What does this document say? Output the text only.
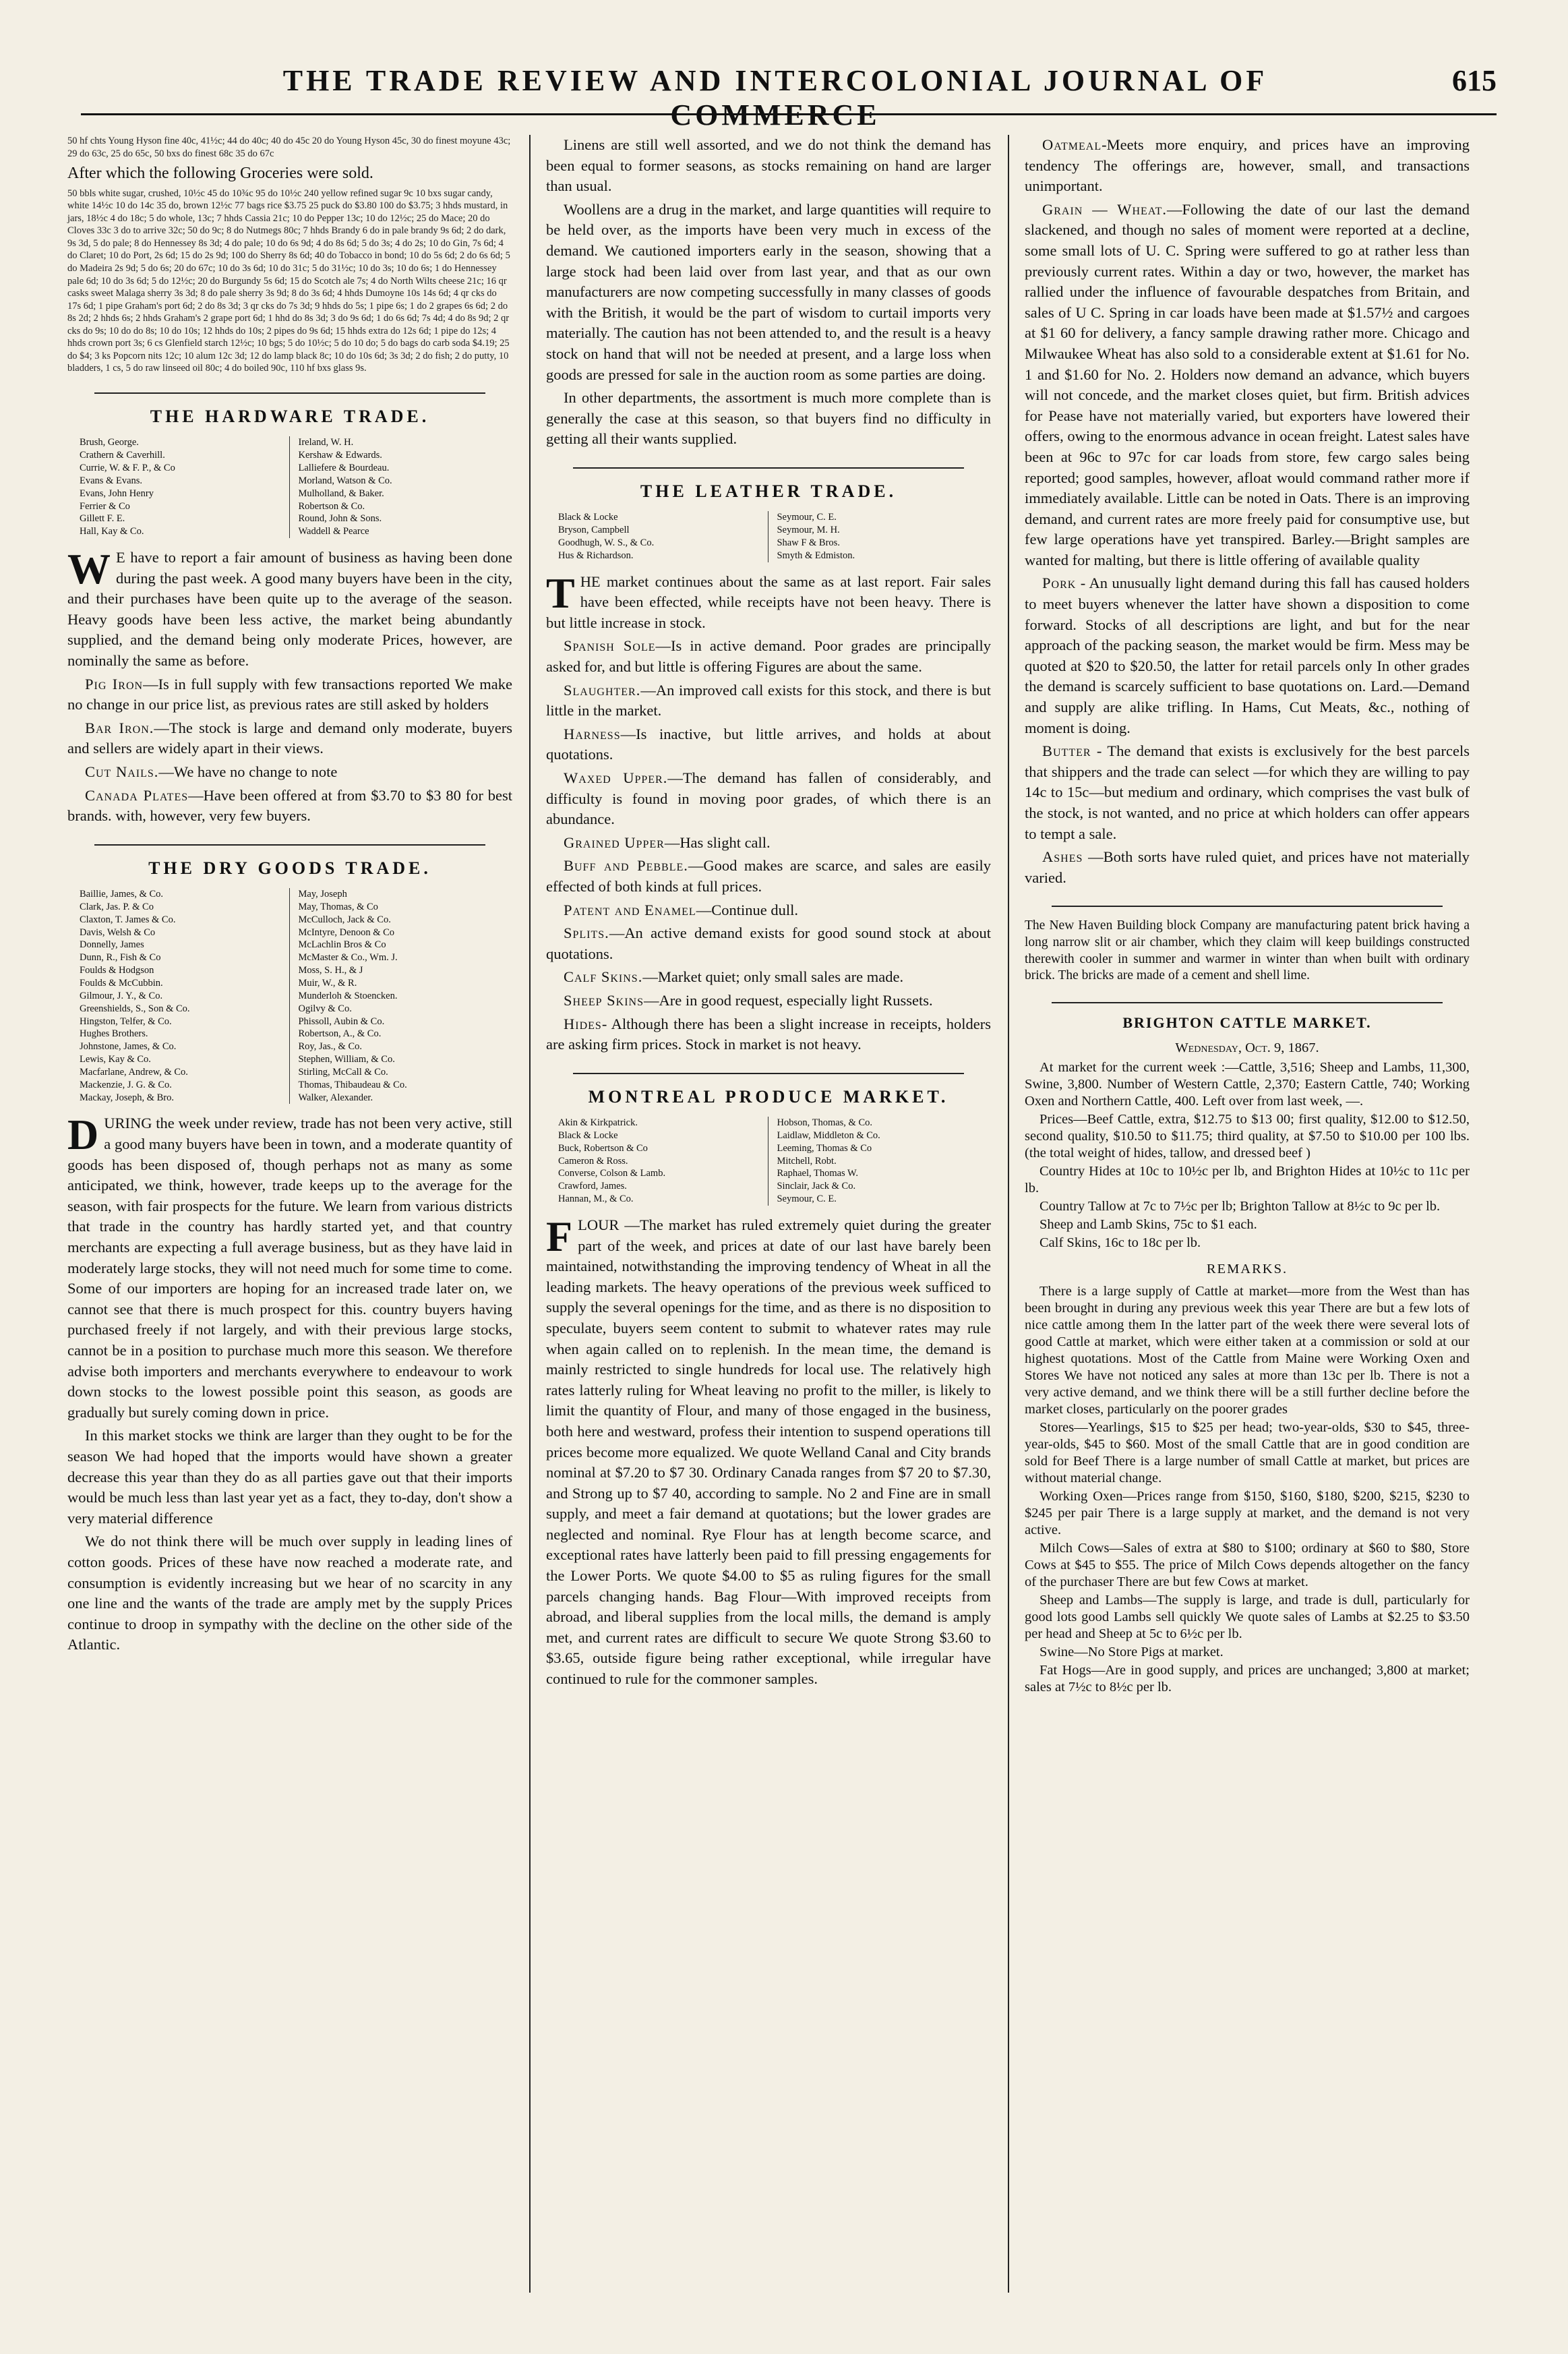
THE TRADE REVIEW AND INTERCOLONIAL JOURNAL OF COMMERCE
615

50 hf chts Young Hyson fine 40c, 41½c; 44 do 40c; 40 do 45c 20 do Young Hyson 45c, 30 do finest moyune 43c; 29 do 63c, 25 do 65c, 50 bxs do finest 68c 35 do 67c

After which the following Groceries were sold.

50 bbls white sugar, crushed, 10½c 45 do 10¾c 95 do 10½c 240 yellow refined sugar 9c 10 bxs sugar candy, white 14½c 10 do 14c 35 do, brown 12½c 77 bags rice $3.75 25 puck do $3.80 100 do $3.75; 3 hhds mustard, in jars, 18½c 4 do 18c; 5 do whole, 13c; 7 hhds Cassia 21c; 10 do Pepper 13c; 10 do 12½c; 25 do Mace; 20 do Cloves 33c 3 do to arrive 32c; 50 do 9c; 8 do Nutmegs 80c; 7 hhds Brandy 6 do in pale brandy 9s 6d; 2 do dark, 9s 3d, 5 do pale; 8 do Hennessey 8s 3d; 4 do pale; 10 do 6s 9d; 4 do 8s 6d; 5 do 3s; 4 do 2s; 10 do Gin, 7s 6d; 4 do Claret; 10 do Port, 2s 6d; 15 do 2s 9d; 100 do Sherry 8s 6d; 40 do Tobacco in bond; 10 do 5s 6d; 2 do 6s 6d; 5 do Madeira 2s 9d; 5 do 6s; 20 do 67c; 10 do 3s 6d; 10 do 31c; 5 do 31½c; 10 do 3s; 10 do 6s; 1 do Hennessey pale 6d; 10 do 3s 6d; 5 do 12½c; 20 do Burgundy 5s 6d; 15 do Scotch ale 7s; 4 do North Wilts cheese 21c; 16 qr casks sweet Malaga sherry 3s 3d; 8 do pale sherry 3s 9d; 8 do 3s 6d; 4 hhds Dumoyne 10s 14s 6d; 4 qr cks do 17s 6d; 1 pipe Graham's port 6d; 2 do 8s 3d; 3 qr cks do 7s 3d; 9 hhds do 5s; 1 pipe 6s; 1 do 2 grapes 6s 6d; 2 do 8s 2d; 2 hhds 6s; 2 hhds Graham's 2 grape port 6d; 1 hhd do 8s 3d; 3 do 9s 6d; 1 do 6s 6d; 7s 4d; 4 do 8s 9d; 2 qr cks do 9s; 10 do do 8s; 10 do 10s; 12 hhds do 10s; 2 pipes do 9s 6d; 15 hhds extra do 12s 6d; 1 pipe do 12s; 4 hhds crown port 3s; 6 cs Glenfield starch 12½c; 10 bgs; 5 do 10½c; 5 do 10 do; 5 do bags do carb soda $4.19; 25 do $4; 3 ks Popcorn nits 12c; 10 alum 12c 3d; 12 do lamp black 8c; 10 do 10s 6d; 3s 3d; 2 do fish; 2 do putty, 10 bladders, 1 cs, 5 do raw linseed oil 80c; 4 do boiled 90c, 110 hf bxs glass 9s.

THE HARDWARE TRADE.
Brush, George.
Crathern & Caverhill.
Currie, W. & F. P., & Co
Evans & Evans.
Evans, John Henry
Ferrier & Co
Gillett F. E.
Hall, Kay & Co.
Ireland, W. H.
Kershaw & Edwards.
Lalliefere & Bourdeau.
Morland, Watson & Co.
Mulholland, & Baker.
Robertson & Co.
Round, John & Sons.
Waddell & Pearce

W E have to report a fair amount of business as having been done during the past week. A good many buyers have been in the city, and their purchases have been quite up to the average of the season. Heavy goods have been less active, the market being abundantly supplied, and the demand being only moderate Prices, however, are nominally the same as before.

Pig Iron—Is in full supply with few transactions reported We make no change in our price list, as previous rates are still asked by holders

Bar Iron.—The stock is large and demand only moderate, buyers and sellers are widely apart in their views.

Cut Nails.—We have no change to note

Canada Plates—Have been offered at from $3.70 to $3 80 for best brands. with, however, very few buyers.

THE DRY GOODS TRADE.
Baillie, James, & Co.
Clark, Jas. P. & Co
Claxton, T. James & Co.
Davis, Welsh & Co
Donnelly, James
Dunn, R., Fish & Co
Foulds & Hodgson
Foulds & McCubbin.
Gilmour, J. Y., & Co.
Greenshields, S., Son & Co.
Hingston, Telfer, & Co.
Hughes Brothers.
Johnstone, James, & Co.
Lewis, Kay & Co.
Macfarlane, Andrew, & Co.
Mackenzie, J. G. & Co.
Mackay, Joseph, & Bro.
May, Joseph
May, Thomas, & Co
McCulloch, Jack & Co.
McIntyre, Denoon & Co
McLachlin Bros & Co
McMaster & Co., Wm. J.
Moss, S. H., & J
Muir, W., & R.
Munderloh & Stoencken.
Ogilvy & Co.
Phissoll, Aubin & Co.
Robertson, A., & Co.
Roy, Jas., & Co.
Stephen, William, & Co.
Stirling, McCall & Co.
Thomas, Thibaudeau & Co.
Walker, Alexander.

DURING the week under review, trade has not been very active, still a good many buyers have been in town, and a moderate quantity of goods has been disposed of, though perhaps not as many as some anticipated, we think, however, trade keeps up to the average for the season, with fair prospects for the future. We learn from various districts that trade in the country has hardly started yet, and that country merchants are expecting a full average business, but as they have laid in moderately large stocks, they will not need much for some time to come. Some of our importers are hoping for an increased trade later on, we cannot see that there is much prospect for this. country buyers having purchased freely if not largely, and with their previous large stocks, cannot be in a position to purchase much more this season. We therefore advise both importers and merchants everywhere to endeavour to work down stocks to the lowest possible point this season, as goods are gradually but surely coming down in price.

In this market stocks we think are larger than they ought to be for the season We had hoped that the imports would have shown a greater decrease this year than they do as all parties gave out that their imports would be much less than last year yet as a fact, they to-day, don't show a very material difference

We do not think there will be much over supply in leading lines of cotton goods. Prices of these have now reached a moderate rate, and consumption is evidently increasing but we hear of no scarcity in any one line and the wants of the trade are amply met by the supply Prices continue to droop in sympathy with the decline on the other side of the Atlantic.

Linens are still well assorted, and we do not think the demand has been equal to former seasons, as stocks remaining on hand are larger than usual.

Woollens are a drug in the market, and large quantities will require to be held over, as the imports have been very much in excess of the demand. We cautioned importers early in the season, showing that a large stock had been laid over from last year, and that as our own manufacturers are now competing successfully in many classes of goods with the British, it would be the part of wisdom to curtail imports very materially. The caution has not been attended to, and the result is a heavy stock on hand that will not be needed at present, and a large loss when goods are pressed for sale in the auction room as some parties are doing.

In other departments, the assortment is much more complete than is generally the case at this season, so that buyers find no difficulty in getting all their wants supplied.

THE LEATHER TRADE.
Black & Locke
Bryson, Campbell
Goodhugh, W. S., & Co.
Hus & Richardson.
Seymour, C. E.
Seymour, M. H.
Shaw F & Bros.
Smyth & Edmiston.

THE market continues about the same as at last report. Fair sales have been effected, while receipts have not been heavy. There is but little increase in stock.

Spanish Sole—Is in active demand. Poor grades are principally asked for, and but little is offering Figures are about the same.

Slaughter.—An improved call exists for this stock, and there is but little in the market.

Harness—Is inactive, but little arrives, and holds at about quotations.

Waxed Upper.—The demand has fallen of considerably, and difficulty is found in moving poor grades, of which there is an abundance.

Grained Upper—Has slight call.

Buff and Pebble.—Good makes are scarce, and sales are easily effected of both kinds at full prices.

Patent and Enamel—Continue dull.

Splits.—An active demand exists for good sound stock at about quotations.

Calf Skins.—Market quiet; only small sales are made.

Sheep Skins—Are in good request, especially light Russets.

Hides- Although there has been a slight increase in receipts, holders are asking firm prices. Stock in market is not heavy.

MONTREAL PRODUCE MARKET.
Akin & Kirkpatrick.
Black & Locke
Buck, Robertson & Co
Cameron & Ross.
Converse, Colson & Lamb.
Crawford, James.
Hannan, M., & Co.
Hobson, Thomas, & Co.
Laidlaw, Middleton & Co.
Leeming, Thomas & Co
Mitchell, Robt.
Raphael, Thomas W.
Sinclair, Jack & Co.
Seymour, C. E.

FLOUR —The market has ruled extremely quiet during the greater part of the week, and prices at date of our last have barely been maintained, notwithstanding the improving tendency of Wheat in all the leading markets. The heavy operations of the previous week sufficed to supply the several openings for the time, and as there is no disposition to speculate, buyers seem content to submit to whatever rates may rule when again called on to replenish. In the mean time, the demand is mainly restricted to single hundreds for local use. The relatively high rates latterly ruling for Wheat leaving no profit to the miller, is likely to limit the quantity of Flour, and many of those engaged in the business, both here and westward, profess their intention to suspend operations till prices become more equalized. We quote Welland Canal and City brands nominal at $7.20 to $7 30. Ordinary Canada ranges from $7 20 to $7.30, and Strong up to $7 40, according to sample. No 2 and Fine are in small supply, and meet a fair demand at quotations; but the lower grades are neglected and nominal. Rye Flour has at length become scarce, and exceptional rates have latterly been paid to fill pressing engagements for the Lower Ports. We quote $4.00 to $5 as ruling figures for the small parcels changing hands. Bag Flour—With improved receipts from abroad, and liberal supplies from the local mills, the demand is amply met, and current rates are difficult to secure We quote Strong $3.60 to $3.65, outside figure being rather exceptional, while irregular have continued to rule for the commoner samples.

Oatmeal-Meets more enquiry, and prices have an improving tendency The offerings are, however, small, and transactions unimportant.

Grain — Wheat.—Following the date of our last the demand slackened, and though no sales of moment were reported at a decline, some small lots of U. C. Spring were suffered to go at rather less than previously current rates. Within a day or two, however, the market has rallied under the influence of favourable despatches from Britain, and sales of U C. Spring in car loads have been made at $1.57½ and cargoes at $1 60 for delivery, a fancy sample drawing rather more. Chicago and Milwaukee Wheat has also sold to a considerable extent at $1.61 for No. 1 and $1.60 for No. 2. Holders now demand an advance, which buyers will not concede, and the market closes quiet, but firm. British advices for Pease have not materially varied, but exporters have lowered their offers, owing to the enormous advance in ocean freight. Latest sales have been at 96c to 97c for car loads from store, few cargo sales being reported; good samples, however, afloat would command rather more if immediately available. Little can be noted in Oats. There is an improving demand, and current rates are more freely paid for consumptive use, but few large operations have yet transpired. Barley.—Bright samples are wanted for malting, but there is little offering of available quality

Pork - An unusually light demand during this fall has caused holders to meet buyers whenever the latter have shown a disposition to come forward. Stocks of all descriptions are light, and but for the near approach of the packing season, the market would be firm. Mess may be quoted at $20 to $20.50, the latter for retail parcels only In other grades the demand is scarcely sufficient to base quotations on. Lard.—Demand and supply are alike trifling. In Hams, Cut Meats, &c., nothing of moment is doing.

Butter - The demand that exists is exclusively for the best parcels that shippers and the trade can select —for which they are willing to pay 14c to 15c—but medium and ordinary, which comprises the vast bulk of the stock, is not wanted, and no price at which holders can offer appears to tempt a sale.

Ashes —Both sorts have ruled quiet, and prices have not materially varied.

The New Haven Building block Company are manufacturing patent brick having a long narrow slit or air chamber, which they claim will keep buildings constructed therewith cooler in summer and warmer in winter than when built with ordinary brick. The bricks are made of a cement and shell lime.

BRIGHTON CATTLE MARKET.
Wednesday, Oct. 9, 1867.

At market for the current week :—Cattle, 3,516; Sheep and Lambs, 11,300, Swine, 3,800. Number of Western Cattle, 2,370; Eastern Cattle, 740; Working Oxen and Northern Cattle, 400. Left over from last week, —.

Prices—Beef Cattle, extra, $12.75 to $13 00; first quality, $12.00 to $12.50, second quality, $10.50 to $11.75; third quality, at $7.50 to $10.00 per 100 lbs. (the total weight of hides, tallow, and dressed beef )

Country Hides at 10c to 10½c per lb, and Brighton Hides at 10½c to 11c per lb.

Country Tallow at 7c to 7½c per lb; Brighton Tallow at 8½c to 9c per lb.

Sheep and Lamb Skins, 75c to $1 each.

Calf Skins, 16c to 18c per lb.

REMARKS.

There is a large supply of Cattle at market—more from the West than has been brought in during any previous week this year There are but a few lots of nice cattle among them In the latter part of the week there were several lots of good Cattle at market, which were either taken at a commission or sold at our highest quotations. Most of the Cattle from Maine were Working Oxen and Stores We have not noticed any sales at more than 13c per lb. There is not a very active demand, and we think there will be a still further decline before the market closes, particularly on the poorer grades

Stores—Yearlings, $15 to $25 per head; two-year-olds, $30 to $45, three-year-olds, $45 to $60. Most of the small Cattle that are in good condition are sold for Beef There is a large number of small Cattle at market, but prices are without material change.

Working Oxen—Prices range from $150, $160, $180, $200, $215, $230 to $245 per pair There is a large supply at market, and the demand is not very active.

Milch Cows—Sales of extra at $80 to $100; ordinary at $60 to $80, Store Cows at $45 to $55. The price of Milch Cows depends altogether on the fancy of the purchaser There are but few Cows at market.

Sheep and Lambs—The supply is large, and trade is dull, particularly for good lots good Lambs sell quickly We quote sales of Lambs at $2.25 to $3.50 per head and Sheep at 5c to 6½c per lb.

Swine—No Store Pigs at market.

Fat Hogs—Are in good supply, and prices are unchanged; 3,800 at market; sales at 7½c to 8½c per lb.
